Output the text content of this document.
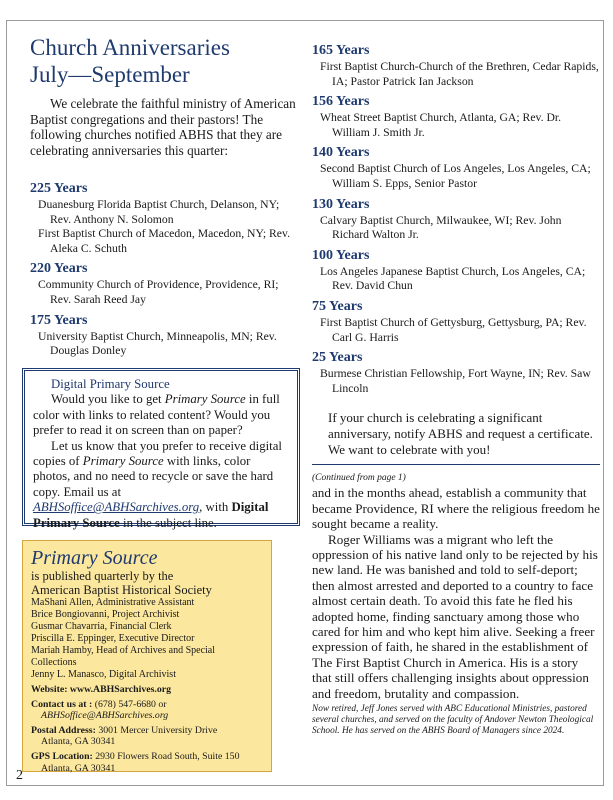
Church Anniversaries
July—September

We celebrate the faithful ministry of American Baptist congregations and their pastors! The following churches notified ABHS that they are celebrating anniversaries this quarter:

225 Years

Duanesburg Florida Baptist Church, Delanson, NY; Rev. Anthony N. Solomon

First Baptist Church of Macedon, Macedon, NY; Rev. Aleka C. Schuth

220 Years

Community Church of Providence, Providence, RI; Rev. Sarah Reed Jay

175 Years

University Baptist Church, Minneapolis, MN; Rev. Douglas Donley

Digital Primary Source

Would you like to get Primary Source in full color with links to related content? Would you prefer to read it on screen than on paper?

Let us know that you prefer to receive digital copies of Primary Source with links, color photos, and no need to recycle or save the hard copy. Email us at ABHSoffice@ABHSarchives.org, with Digital Primary Source in the subject line.

Primary Source

is published quarterly by the

American Baptist Historical Society

MaShani Allen, Administrative Assistant

Brice Bongiovanni, Project Archivist

Gusmar Chavarria, Financial Clerk

Priscilla E. Eppinger, Executive Director

Mariah Hamby, Head of Archives and Special Collections

Jenny L. Manasco, Digital Archivist

Website: www.ABHSarchives.org

Contact us at : (678) 547-6680 or
ABHSoffice@ABHSarchives.org

Postal Address: 3001 Mercer University Drive
Atlanta, GA 30341

GPS Location: 2930 Flowers Road South, Suite 150
Atlanta, GA 30341

165 Years

First Baptist Church-Church of the Brethren, Cedar Rapids, IA; Pastor Patrick Ian Jackson

156 Years

Wheat Street Baptist Church, Atlanta, GA; Rev. Dr. William J. Smith Jr.

140 Years

Second Baptist Church of Los Angeles, Los Angeles, CA; William S. Epps, Senior Pastor

130 Years

Calvary Baptist Church, Milwaukee, WI; Rev. John Richard Walton Jr.

100 Years

Los Angeles Japanese Baptist Church, Los Angeles, CA; Rev. David Chun

75 Years

First Baptist Church of Gettysburg, Gettysburg, PA; Rev. Carl G. Harris

25 Years

Burmese Christian Fellowship, Fort Wayne, IN; Rev. Saw Lincoln

If your church is celebrating a significant anniversary, notify ABHS and request a certificate. We want to celebrate with you!

(Continued from page 1)

and in the months ahead, establish a community that became Providence, RI where the religious freedom he sought became a reality.

Roger Williams was a migrant who left the oppression of his native land only to be rejected by his new land. He was banished and told to self-deport; then almost arrested and deported to a country to face almost certain death. To avoid this fate he fled his adopted home, finding sanctuary among those who cared for him and who kept him alive. Seeking a freer expression of faith, he shared in the establishment of The First Baptist Church in America. His is a story that still offers challenging insights about oppression and freedom, brutality and compassion.

Now retired, Jeff Jones served with ABC Educational Ministries, pastored several churches, and served on the faculty of Andover Newton Theological School. He has served on the ABHS Board of Managers since 2024.

2
